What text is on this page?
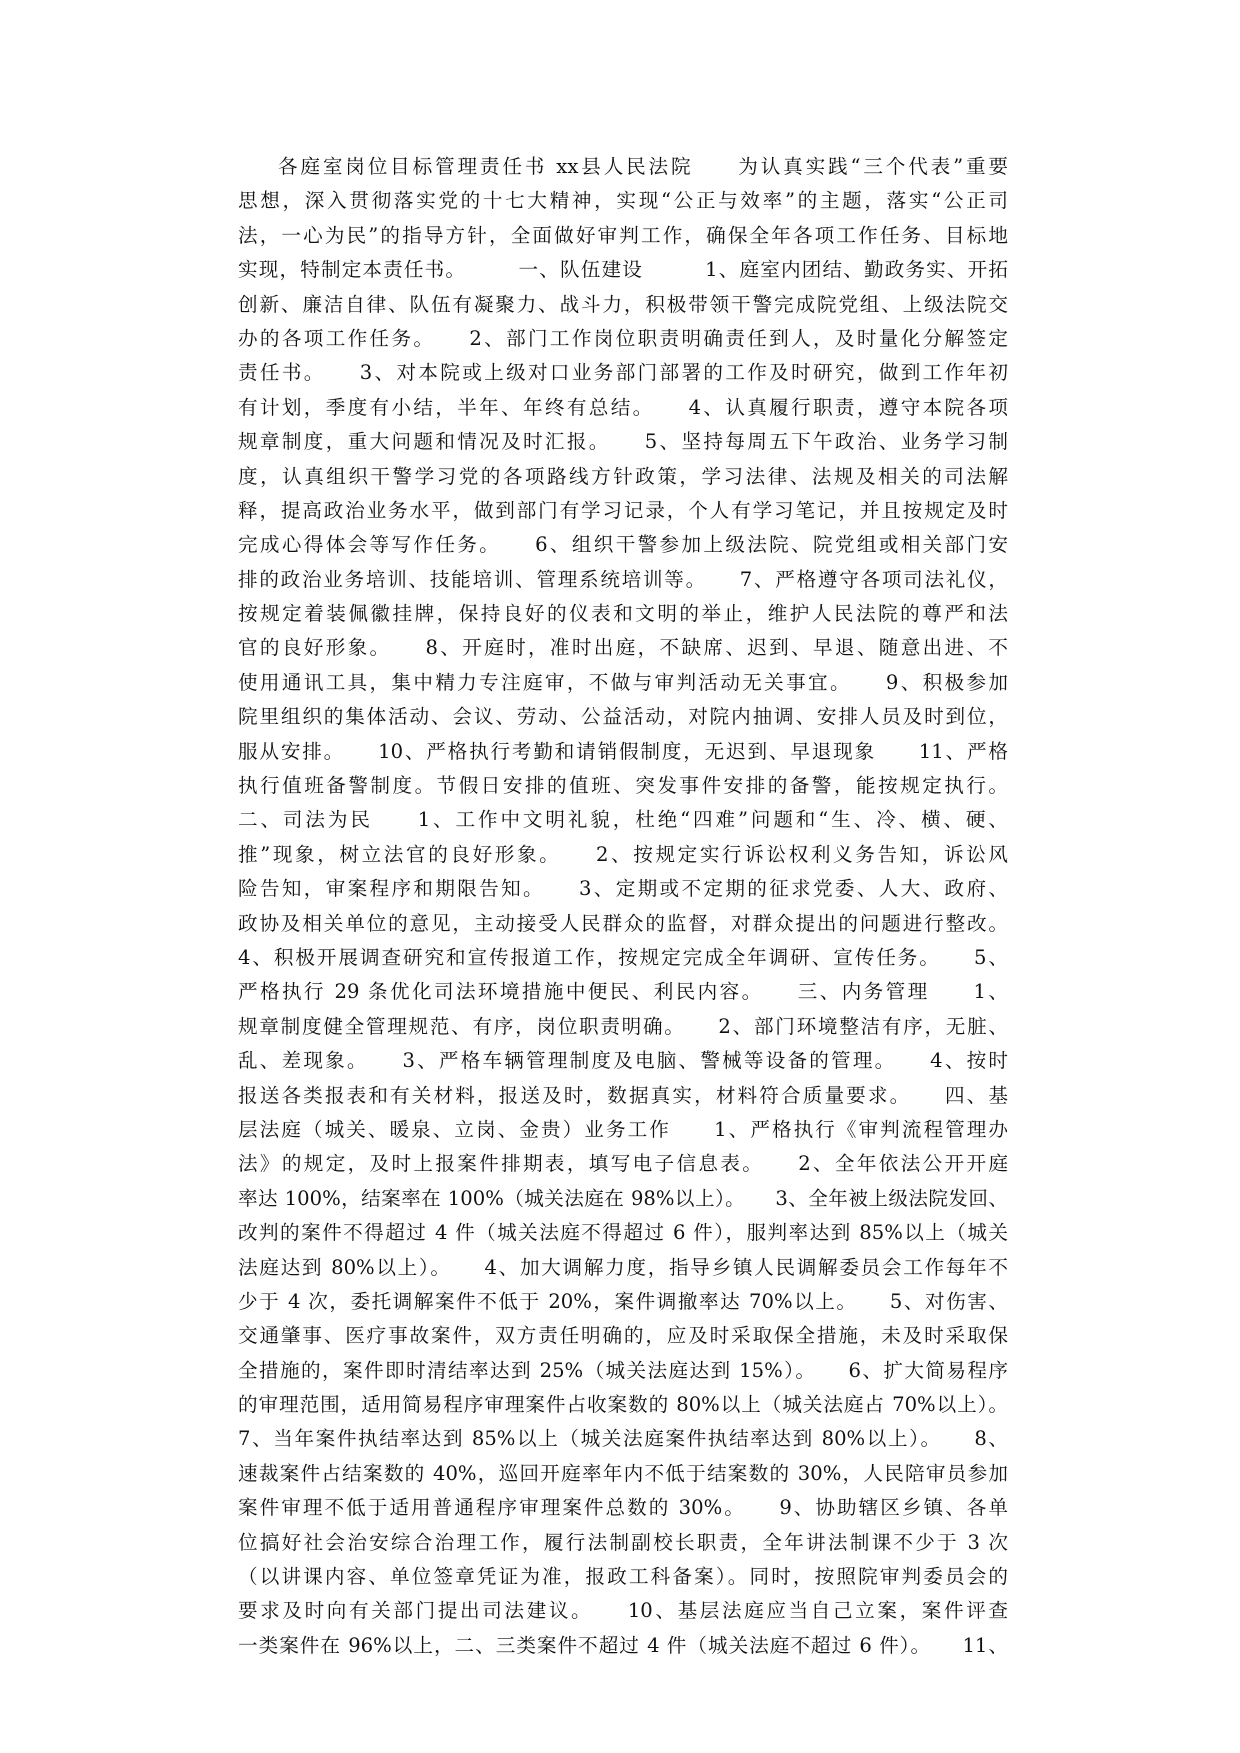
各庭室岗位目标管理责任书 xx县人民法院　　为认真实践“三个代表”重要
思想，深入贯彻落实党的十七大精神，实现“公正与效率”的主题，落实“公正司
法，一心为民”的指导方针，全面做好审判工作，确保全年各项工作任务、目标地
实现，特制定本责任书。　　　一、队伍建设　　　1、庭室内团结、勤政务实、开拓
创新、廉洁自律、队伍有凝聚力、战斗力，积极带领干警完成院党组、上级法院交
办的各项工作任务。　　2、部门工作岗位职责明确责任到人，及时量化分解签定
责任书。　　3、对本院或上级对口业务部门部署的工作及时研究，做到工作年初
有计划，季度有小结，半年、年终有总结。　　4、认真履行职责，遵守本院各项
规章制度，重大问题和情况及时汇报。　　5、坚持每周五下午政治、业务学习制
度，认真组织干警学习党的各项路线方针政策，学习法律、法规及相关的司法解
释，提高政治业务水平，做到部门有学习记录，个人有学习笔记，并且按规定及时
完成心得体会等写作任务。　　6、组织干警参加上级法院、院党组或相关部门安
排的政治业务培训、技能培训、管理系统培训等。　　7、严格遵守各项司法礼仪，
按规定着装佩徽挂牌，保持良好的仪表和文明的举止，维护人民法院的尊严和法
官的良好形象。　　8、开庭时，准时出庭，不缺席、迟到、早退、随意出进、不
使用通讯工具，集中精力专注庭审，不做与审判活动无关事宜。　　9、积极参加
院里组织的集体活动、会议、劳动、公益活动，对院内抽调、安排人员及时到位，
服从安排。　　10、严格执行考勤和请销假制度，无迟到、早退现象　　11、严格
执行值班备警制度。节假日安排的值班、突发事件安排的备警，能按规定执行。
二、司法为民　　1、工作中文明礼貌，杜绝“四难”问题和“生、冷、横、硬、
推”现象，树立法官的良好形象。　　2、按规定实行诉讼权利义务告知，诉讼风
险告知，审案程序和期限告知。　　3、定期或不定期的征求党委、人大、政府、
政协及相关单位的意见，主动接受人民群众的监督，对群众提出的问题进行整改。
4、积极开展调查研究和宣传报道工作，按规定完成全年调研、宣传任务。　　5、
严格执行 29 条优化司法环境措施中便民、利民内容。　　三、内务管理　　1、
规章制度健全管理规范、有序，岗位职责明确。　　2、部门环境整洁有序，无脏、
乱、差现象。　　3、严格车辆管理制度及电脑、警械等设备的管理。　　4、按时
报送各类报表和有关材料，报送及时，数据真实，材料符合质量要求。　　四、基
层法庭（城关、暖泉、立岗、金贵）业务工作　　1、严格执行《审判流程管理办
法》的规定，及时上报案件排期表，填写电子信息表。　　2、全年依法公开开庭
率达 100%，结案率在 100%（城关法庭在 98%以上）。　　3、全年被上级法院发回、
改判的案件不得超过 4 件（城关法庭不得超过 6 件），服判率达到 85%以上（城关
法庭达到 80%以上）。　　4、加大调解力度，指导乡镇人民调解委员会工作每年不
少于 4 次，委托调解案件不低于 20%，案件调撤率达 70%以上。　　5、对伤害、
交通肇事、医疗事故案件，双方责任明确的，应及时采取保全措施，未及时采取保
全措施的，案件即时清结率达到 25%（城关法庭达到 15%）。　　6、扩大简易程序
的审理范围，适用简易程序审理案件占收案数的 80%以上（城关法庭占 70%以上）。
7、当年案件执结率达到 85%以上（城关法庭案件执结率达到 80%以上）。　　8、
速裁案件占结案数的 40%，巡回开庭率年内不低于结案数的 30%，人民陪审员参加
案件审理不低于适用普通程序审理案件总数的 30%。　　9、协助辖区乡镇、各单
位搞好社会治安综合治理工作，履行法制副校长职责，全年讲法制课不少于 3 次
（以讲课内容、单位签章凭证为准，报政工科备案）。同时，按照院审判委员会的
要求及时向有关部门提出司法建议。　　10、基层法庭应当自己立案，案件评查
一类案件在 96%以上，二、三类案件不超过 4 件（城关法庭不超过 6 件）。　　11、
